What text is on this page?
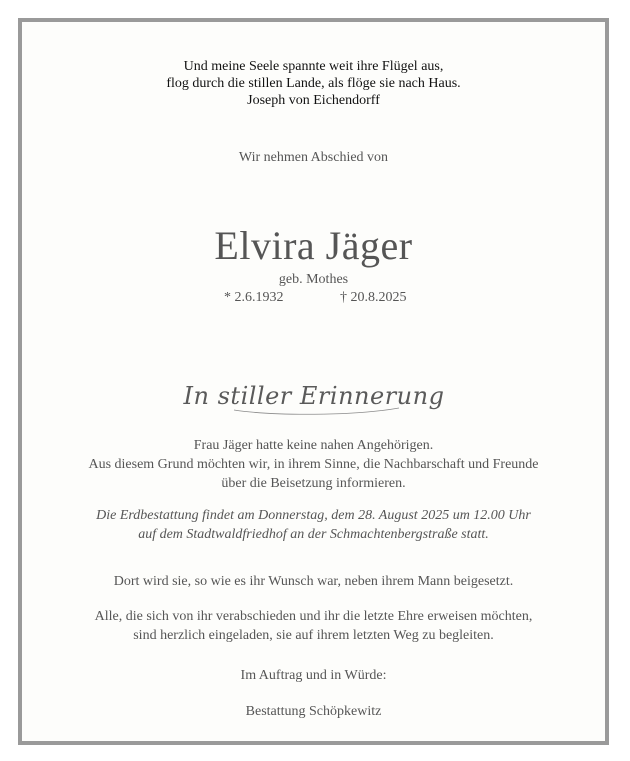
Und meine Seele spannte weit ihre Flügel aus,
flog durch die stillen Lande, als flöge sie nach Haus.
Joseph von Eichendorff
Wir nehmen Abschied von
Elvira Jäger
geb. Mothes
* 2.6.1932	† 20.8.2025
In stiller Erinnerung
Frau Jäger hatte keine nahen Angehörigen.
Aus diesem Grund möchten wir, in ihrem Sinne, die Nachbarschaft und Freunde
über die Beisetzung informieren.
Die Erdbestattung findet am Donnerstag, dem 28. August 2025 um 12.00 Uhr
auf dem Stadtwaldfriedhof an der Schmachtenbergstraße statt.
Dort wird sie, so wie es ihr Wunsch war, neben ihrem Mann beigesetzt.
Alle, die sich von ihr verabschieden und ihr die letzte Ehre erweisen möchten,
sind herzlich eingeladen, sie auf ihrem letzten Weg zu begleiten.
Im Auftrag und in Würde:
Bestattung Schöpkewitz
